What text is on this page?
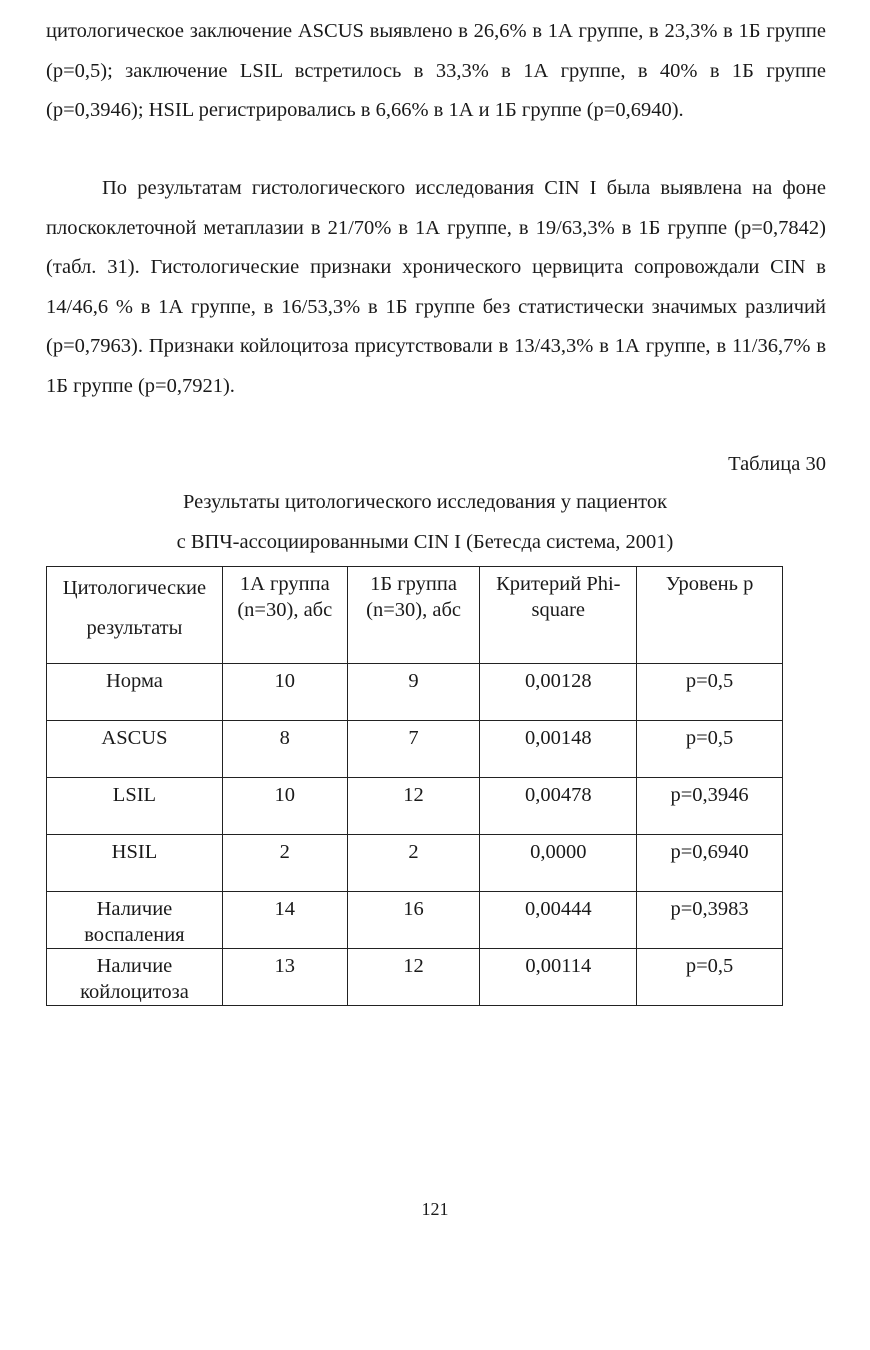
цитологическое заключение ASCUS выявлено в 26,6% в 1А группе, в 23,3% в 1Б группе (р=0,5); заключение LSIL встретилось в 33,3% в 1А группе, в 40% в 1Б группе (р=0,3946); HSIL регистрировались в 6,66% в 1А и 1Б группе (р=0,6940).
По результатам гистологического исследования CIN I была выявлена на фоне плоскоклеточной метаплазии в 21/70% в 1А группе, в 19/63,3% в 1Б группе (р=0,7842) (табл. 31). Гистологические признаки хронического цервицита сопровождали CIN в 14/46,6 % в 1А группе, в 16/53,3% в 1Б группе без статистически значимых различий (р=0,7963). Признаки койлоцитоза присутствовали в 13/43,3% в 1А группе, в 11/36,7% в 1Б группе (р=0,7921).
Таблица 30
Результаты цитологического исследования у пациенток
с ВПЧ-ассоциированными CIN I (Бетесда система, 2001)
Цитологические результаты	1А группа (n=30), абс	1Б группа (n=30), абс	Критерий Phi-square	Уровень р
Норма	10	9	0,00128	р=0,5
ASCUS	8	7	0,00148	р=0,5
LSIL	10	12	0,00478	р=0,3946
HSIL	2	2	0,0000	р=0,6940
Наличие воспаления	14	16	0,00444	р=0,3983
Наличие койлоцитоза	13	12	0,00114	р=0,5
121
